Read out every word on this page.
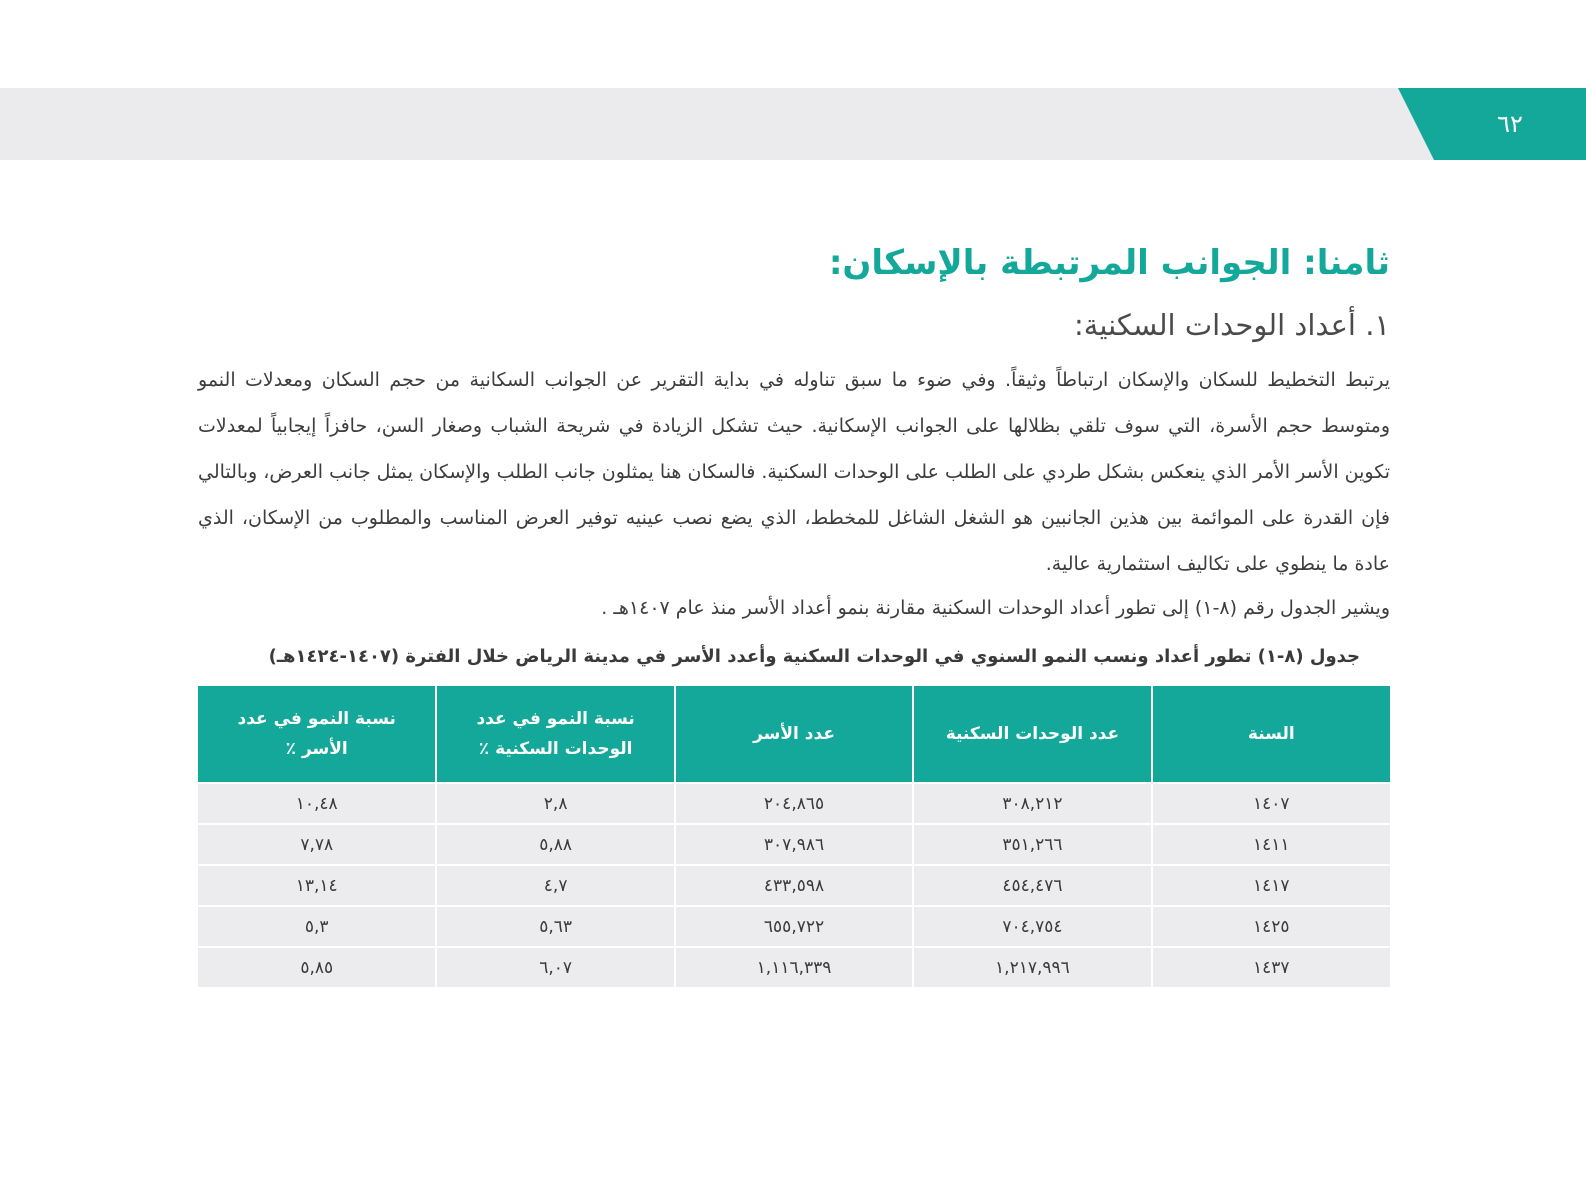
٦٢
ثامنا: الجوانب المرتبطة بالإسكان:
١. أعداد الوحدات السكنية:
يرتبط التخطيط للسكان والإسكان ارتباطاً وثيقاً. وفي ضوء ما سبق تناوله في بداية التقرير عن الجوانب السكانية من حجم السكان ومعدلات النمو ومتوسط حجم الأسرة، التي سوف تلقي بظلالها على الجوانب الإسكانية. حيث تشكل الزيادة في شريحة الشباب وصغار السن، حافزاً إيجابياً لمعدلات تكوين الأسر الأمر الذي ينعكس بشكل طردي على الطلب على الوحدات السكنية. فالسكان هنا يمثلون جانب الطلب والإسكان يمثل جانب العرض، وبالتالي فإن القدرة على الموائمة بين هذين الجانبين هو الشغل الشاغل للمخطط، الذي يضع نصب عينيه توفير العرض المناسب والمطلوب من الإسكان، الذي عادة ما ينطوي على تكاليف استثمارية عالية.
ويشير الجدول رقم (٨-١) إلى تطور أعداد الوحدات السكنية مقارنة بنمو أعداد الأسر منذ عام ١٤٠٧هـ .
جدول (٨-١) تطور أعداد ونسب النمو السنوي في الوحدات السكنية وأعدد الأسر في مدينة الرياض خلال الفترة (١٤٠٧-١٤٢٤هـ)
السنة	عدد الوحدات السكنية	عدد الأسر	نسبة النمو في عدد الوحدات السكنية ٪	نسبة النمو في عدد الأسر ٪
١٤٠٧	٣٠٨,٢١٢	٢٠٤,٨٦٥	٢,٨	١٠,٤٨
١٤١١	٣٥١,٢٦٦	٣٠٧,٩٨٦	٥,٨٨	٧,٧٨
١٤١٧	٤٥٤,٤٧٦	٤٣٣,٥٩٨	٤,٧	١٣,١٤
١٤٢٥	٧٠٤,٧٥٤	٦٥٥,٧٢٢	٥,٦٣	٥,٣
١٤٣٧	١,٢١٧,٩٩٦	١,١١٦,٣٣٩	٦,٠٧	٥,٨٥
